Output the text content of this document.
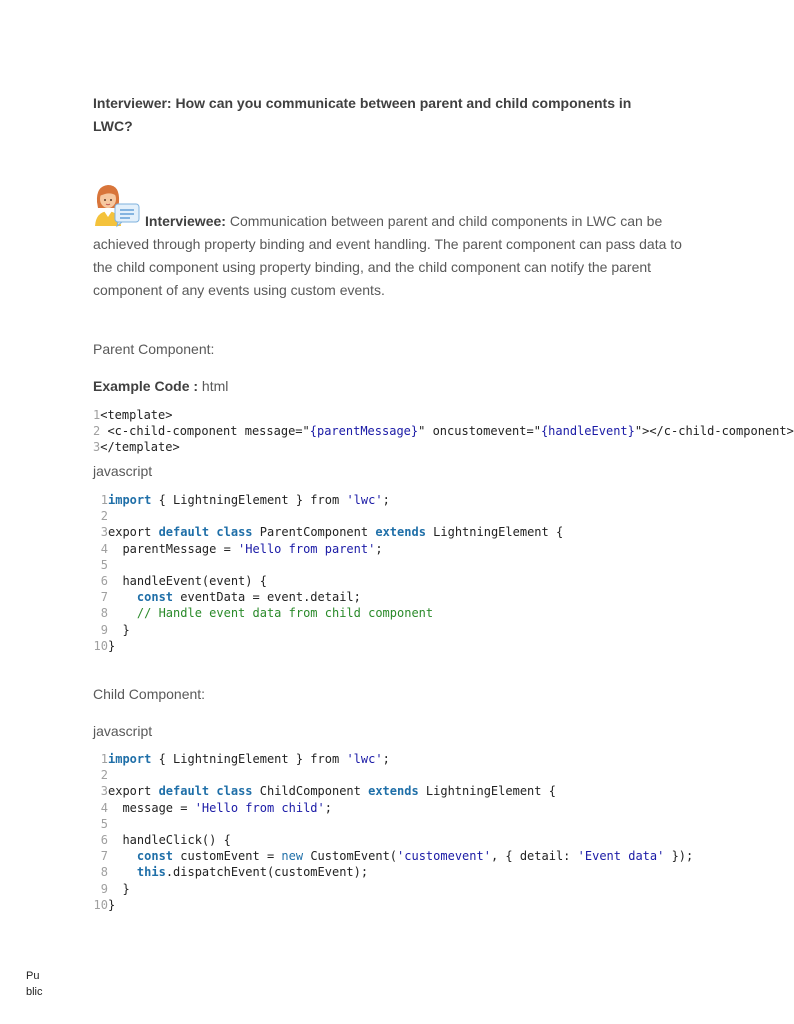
Interviewer: How can you communicate between parent and child components in LWC?

Interviewee: Communication between parent and child components in LWC can be achieved through property binding and event handling. The parent component can pass data to the child component using property binding, and the child component can notify the parent component of any events using custom events.

Parent Component:
Example Code : html
1<template>
2 <c-child-component message="{parentMessage}" oncustomevent="{handleEvent}"></c-child-component>
3</template>
javascript
1import { LightningElement } from 'lwc';
2
3export default class ParentComponent extends LightningElement {
4  parentMessage = 'Hello from parent';
5
6  handleEvent(event) {
7 const eventData = event.detail;
8 // Handle event data from child component
9  }
10}
Child Component:
javascript
1import { LightningElement } from 'lwc';
2
3export default class ChildComponent extends LightningElement {
4  message = 'Hello from child';
5
6  handleClick() {
7 const customEvent = new CustomEvent('customevent', { detail: 'Event data' });
8 this.dispatchEvent(customEvent);
9  }
10}
Pu
blic
